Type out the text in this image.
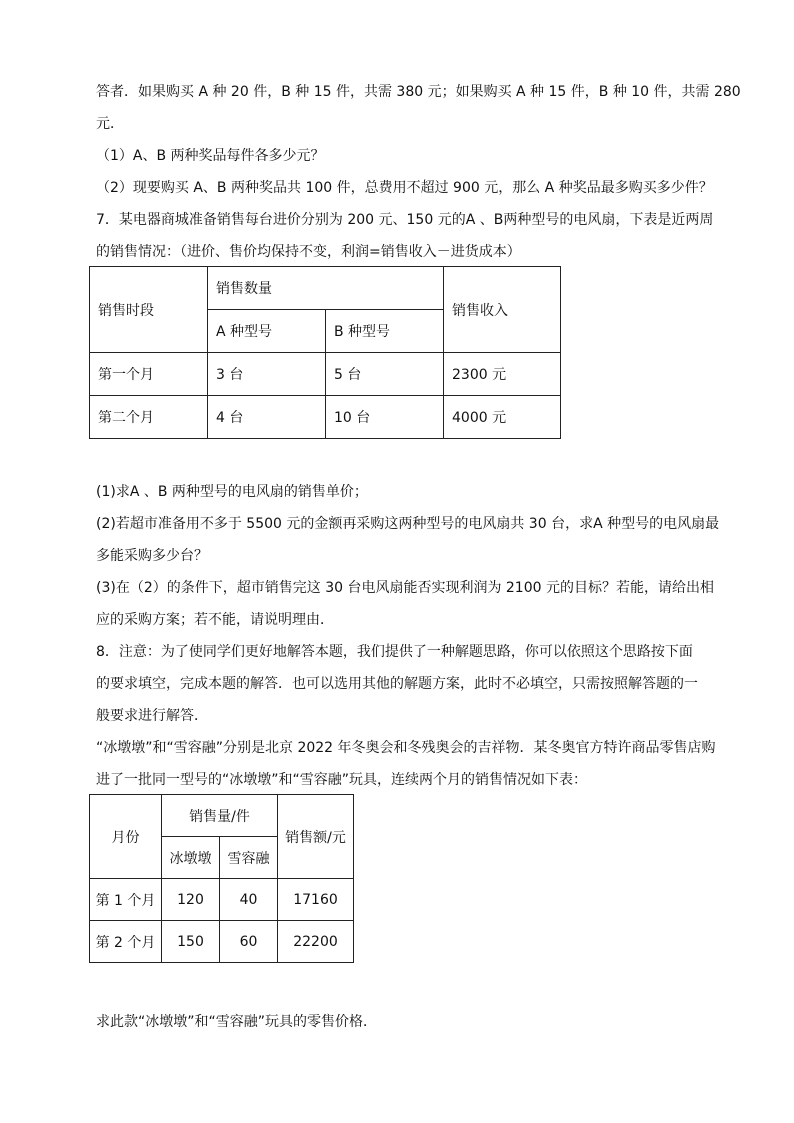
答者．如果购买 A 种 20 件，B 种 15 件，共需 380 元；如果购买 A 种 15 件，B 种 10 件，共需 280
元．
（1）A、B 两种奖品每件各多少元？
（2）现要购买 A、B 两种奖品共 100 件，总费用不超过 900 元，那么 A 种奖品最多购买多少件？
7．某电器商城准备销售每台进价分别为 200 元、150 元的A 、B两种型号的电风扇，下表是近两周
的销售情况：（进价、售价均保持不变，利润=销售收入－进货成本）
销售时段	销售数量		销售收入
	A 种型号	B 种型号	
第一个月	3 台	5 台	2300 元
第二个月	4 台	10 台	4000 元
(1)求A 、B 两种型号的电风扇的销售单价；
(2)若超市准备用不多于 5500 元的金额再采购这两种型号的电风扇共 30 台，求A 种型号的电风扇最
多能采购多少台？
(3)在（2）的条件下，超市销售完这 30 台电风扇能否实现利润为 2100 元的目标？若能，请给出相
应的采购方案；若不能，请说明理由．
8．注意：为了使同学们更好地解答本题，我们提供了一种解题思路，你可以依照这个思路按下面
的要求填空，完成本题的解答．也可以选用其他的解题方案，此时不必填空，只需按照解答题的一
般要求进行解答．
“冰墩墩”和“雪容融”分别是北京 2022 年冬奥会和冬残奥会的吉祥物．某冬奥官方特许商品零售店购
进了一批同一型号的“冰墩墩”和“雪容融”玩具，连续两个月的销售情况如下表：
月份	销售量/件		销售额/元
	冰墩墩	雪容融	
第 1 个月	120	40	17160
第 2 个月	150	60	22200
求此款“冰墩墩”和“雪容融”玩具的零售价格．
